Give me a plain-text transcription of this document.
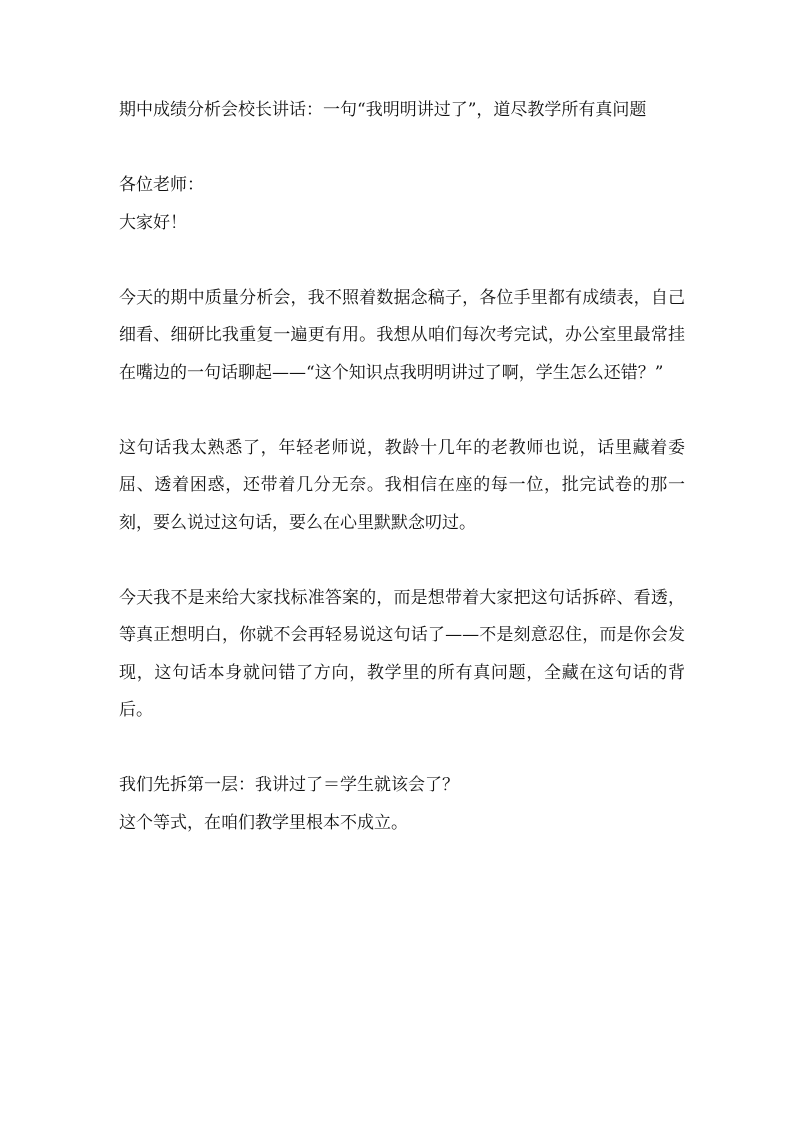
期中成绩分析会校长讲话：一句“我明明讲过了”，道尽教学所有真问题

各位老师：

大家好！

今天的期中质量分析会，我不照着数据念稿子，各位手里都有成绩表，自己细看、细研比我重复一遍更有用。我想从咱们每次考完试，办公室里最常挂在嘴边的一句话聊起——“这个知识点我明明讲过了啊，学生怎么还错？”

这句话我太熟悉了，年轻老师说，教龄十几年的老教师也说，话里藏着委屈、透着困惑，还带着几分无奈。我相信在座的每一位，批完试卷的那一刻，要么说过这句话，要么在心里默默念叨过。

今天我不是来给大家找标准答案的，而是想带着大家把这句话拆碎、看透，等真正想明白，你就不会再轻易说这句话了——不是刻意忍住，而是你会发现，这句话本身就问错了方向，教学里的所有真问题，全藏在这句话的背后。

我们先拆第一层：我讲过了＝学生就该会了？

这个等式，在咱们教学里根本不成立。
